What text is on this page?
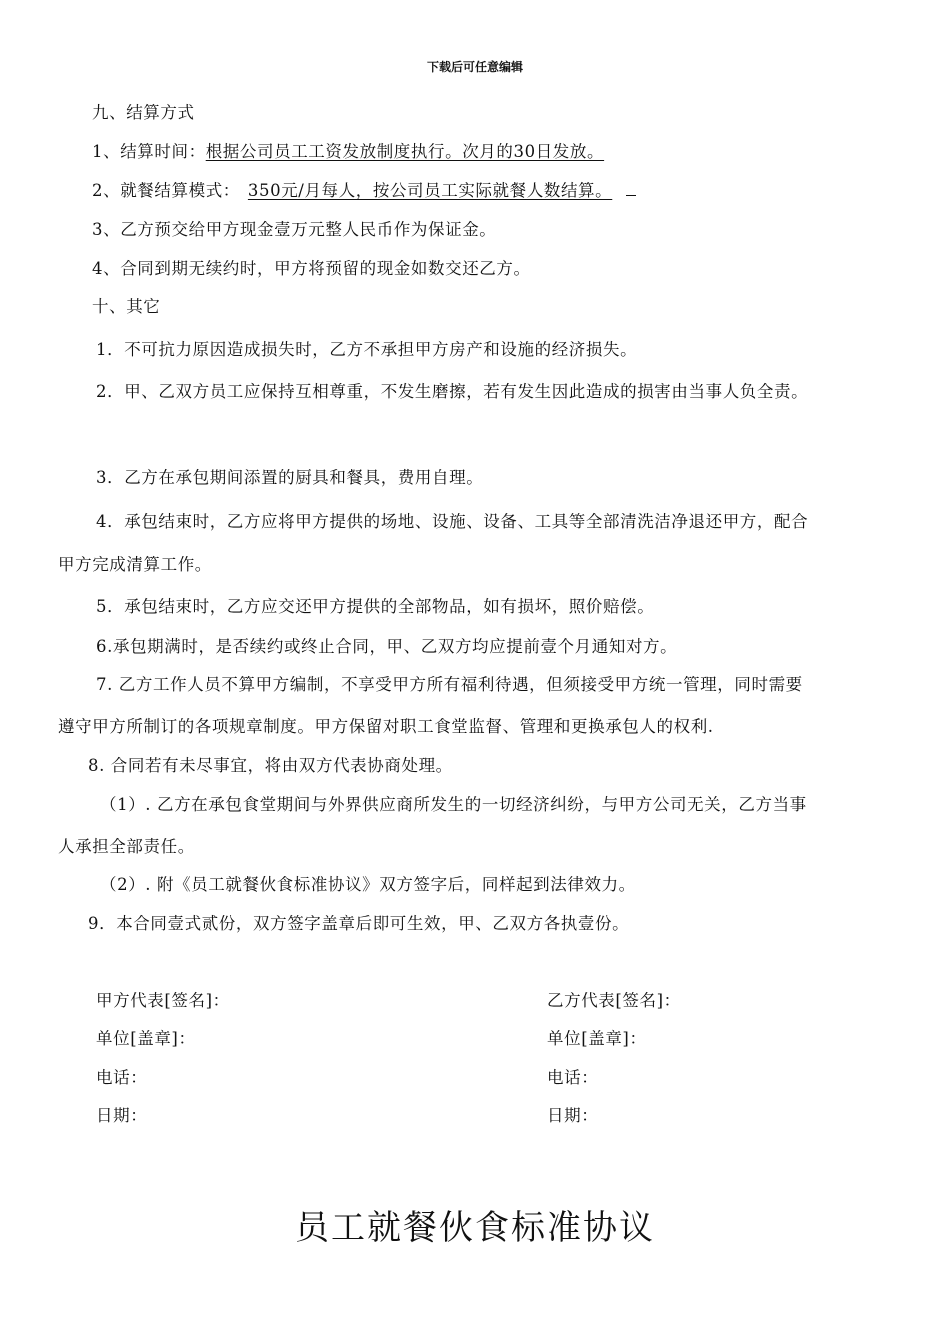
下载后可任意编辑
九、结算方式
1、结算时间：根据公司员工工资发放制度执行。次月的30日发放。
2、就餐结算模式： 350元/月每人，按公司员工实际就餐人数结算。
3、乙方预交给甲方现金壹万元整人民币作为保证金。
4、合同到期无续约时，甲方将预留的现金如数交还乙方。
十、其它
1．不可抗力原因造成损失时，乙方不承担甲方房产和设施的经济损失。
2．甲、乙双方员工应保持互相尊重，不发生磨擦，若有发生因此造成的损害由当事人负全责。
3．乙方在承包期间添置的厨具和餐具，费用自理。
4．承包结束时，乙方应将甲方提供的场地、设施、设备、工具等全部清洗洁净退还甲方，配合
甲方完成清算工作。
5．承包结束时，乙方应交还甲方提供的全部物品，如有损坏，照价赔偿。
6.承包期满时，是否续约或终止合同，甲、乙双方均应提前壹个月通知对方。
7. 乙方工作人员不算甲方编制，不享受甲方所有福利待遇，但须接受甲方统一管理，同时需要
遵守甲方所制订的各项规章制度。甲方保留对职工食堂监督、管理和更换承包人的权利.
8. 合同若有未尽事宜，将由双方代表协商处理。
（1）. 乙方在承包食堂期间与外界供应商所发生的一切经济纠纷，与甲方公司无关，乙方当事
人承担全部责任。
（2）. 附《员工就餐伙食标准协议》双方签字后，同样起到法律效力。
9．本合同壹式贰份，双方签字盖章后即可生效，甲、乙双方各执壹份。
甲方代表[签名]：
单位[盖章]：
电话：
日期：
乙方代表[签名]：
单位[盖章]：
电话：
日期：
员工就餐伙食标准协议
